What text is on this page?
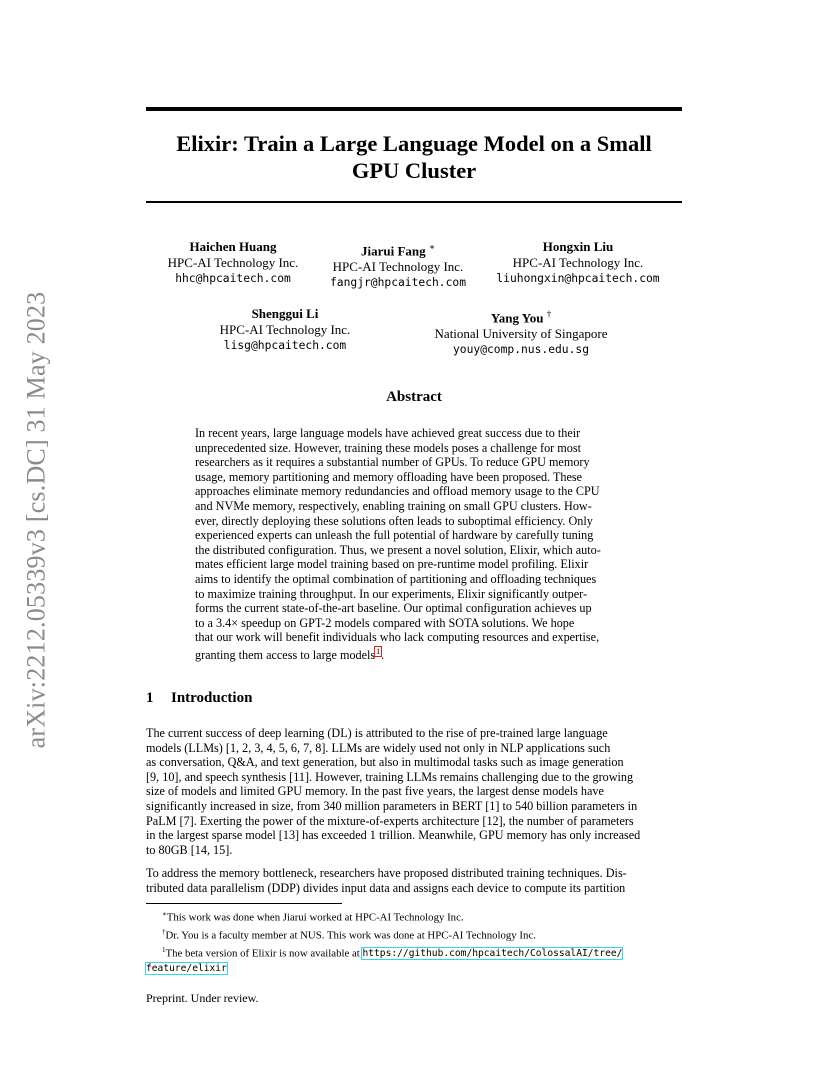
arXiv:2212.05339v3 [cs.DC] 31 May 2023
Elixir: Train a Large Language Model on a Small
GPU Cluster
Haichen Huang
HPC-AI Technology Inc.
hhc@hpcaitech.com
Jiarui Fang ∗
HPC-AI Technology Inc.
fangjr@hpcaitech.com
Hongxin Liu
HPC-AI Technology Inc.
liuhongxin@hpcaitech.com
Shenggui Li
HPC-AI Technology Inc.
lisg@hpcaitech.com
Yang You †
National University of Singapore
youy@comp.nus.edu.sg
Abstract
In recent years, large language models have achieved great success due to their
unprecedented size. However, training these models poses a challenge for most
researchers as it requires a substantial number of GPUs. To reduce GPU memory
usage, memory partitioning and memory offloading have been proposed. These
approaches eliminate memory redundancies and offload memory usage to the CPU
and NVMe memory, respectively, enabling training on small GPU clusters. How-
ever, directly deploying these solutions often leads to suboptimal efficiency. Only
experienced experts can unleash the full potential of hardware by carefully tuning
the distributed configuration. Thus, we present a novel solution, Elixir, which auto-
mates efficient large model training based on pre-runtime model profiling. Elixir
aims to identify the optimal combination of partitioning and offloading techniques
to maximize training throughput. In our experiments, Elixir significantly outper-
forms the current state-of-the-art baseline. Our optimal configuration achieves up
to a 3.4× speedup on GPT-2 models compared with SOTA solutions. We hope
that our work will benefit individuals who lack computing resources and expertise,
granting them access to large models$^1$.
1 Introduction
The current success of deep learning (DL) is attributed to the rise of pre-trained large language
models (LLMs) [1, 2, 3, 4, 5, 6, 7, 8]. LLMs are widely used not only in NLP applications such
as conversation, Q&A, and text generation, but also in multimodal tasks such as image generation
[9, 10], and speech synthesis [11]. However, training LLMs remains challenging due to the growing
size of models and limited GPU memory. In the past five years, the largest dense models have
significantly increased in size, from 340 million parameters in BERT [1] to 540 billion parameters in
PaLM [7]. Exerting the power of the mixture-of-experts architecture [12], the number of parameters
in the largest sparse model [13] has exceeded 1 trillion. Meanwhile, GPU memory has only increased
to 80GB [14, 15].
To address the memory bottleneck, researchers have proposed distributed training techniques. Dis-
tributed data parallelism (DDP) divides input data and assigns each device to compute its partition
∗This work was done when Jiarui worked at HPC-AI Technology Inc.
†Dr. You is a faculty member at NUS. This work was done at HPC-AI Technology Inc.
$^1$The beta version of Elixir is now available at https://github.com/hpcaitech/ColossalAI/tree/
feature/elixir
Preprint. Under review.
